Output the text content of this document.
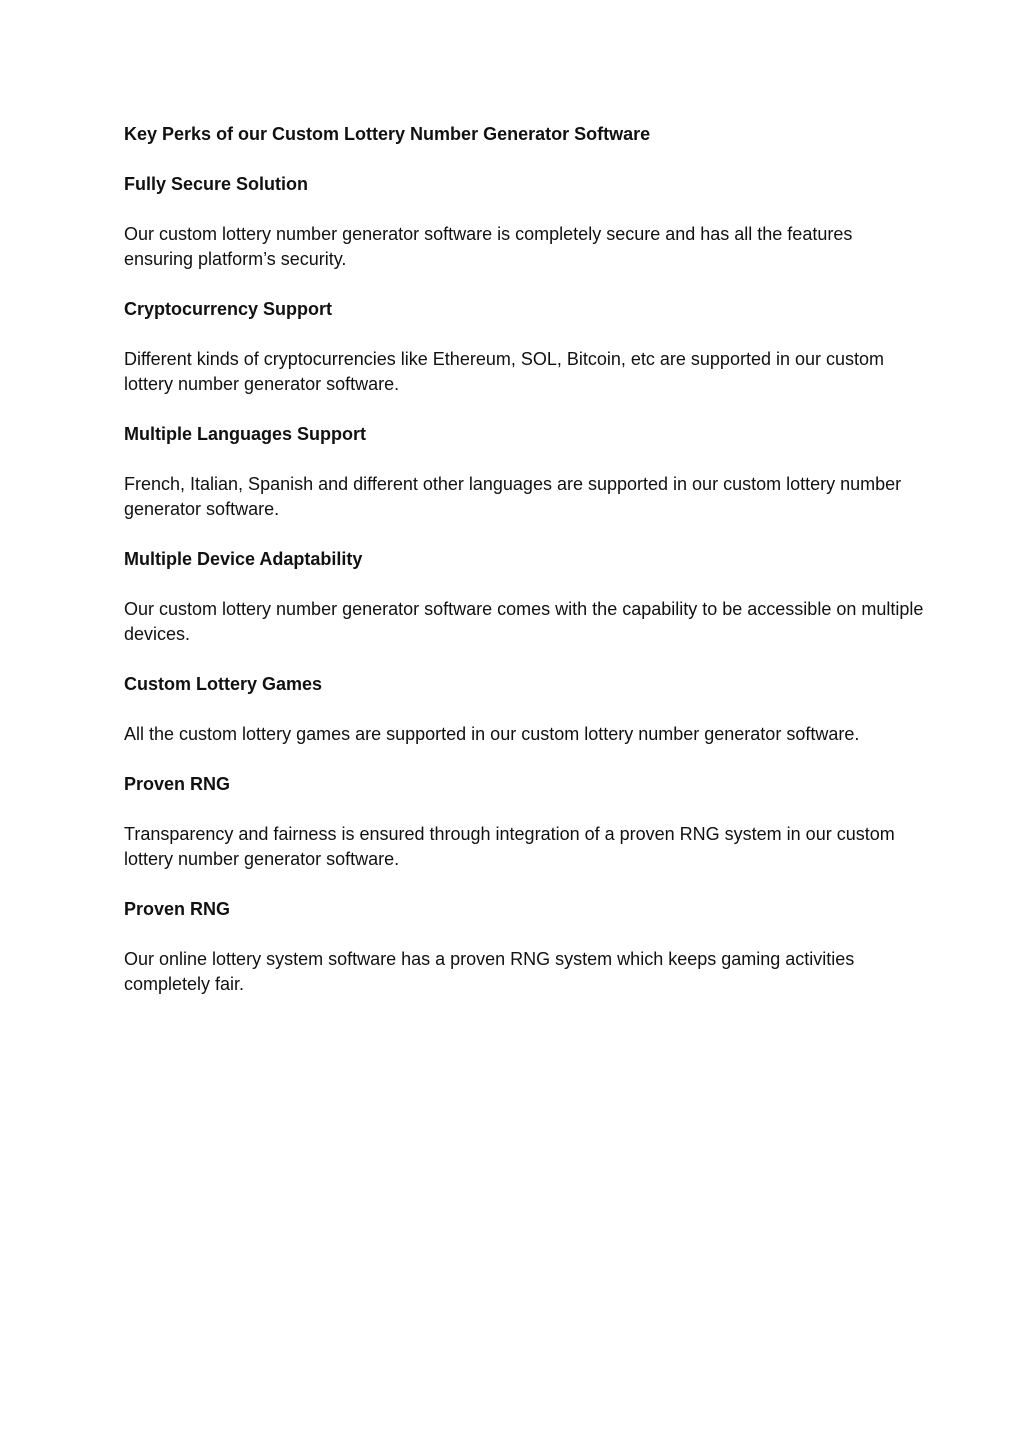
Key Perks of our Custom Lottery Number Generator Software
Fully Secure Solution

Our custom lottery number generator software is completely secure and has all the features ensuring platform’s security.

Cryptocurrency Support

Different kinds of cryptocurrencies like Ethereum, SOL, Bitcoin, etc are supported in our custom lottery number generator software.

Multiple Languages Support

French, Italian, Spanish and different other languages are supported in our custom lottery number generator software.

Multiple Device Adaptability

Our custom lottery number generator software comes with the capability to be accessible on multiple devices.

Custom Lottery Games

All the custom lottery games are supported in our custom lottery number generator software.

Proven RNG

Transparency and fairness is ensured through integration of a proven RNG system in our custom lottery number generator software.

Proven RNG

Our online lottery system software has a proven RNG system which keeps gaming activities completely fair.
